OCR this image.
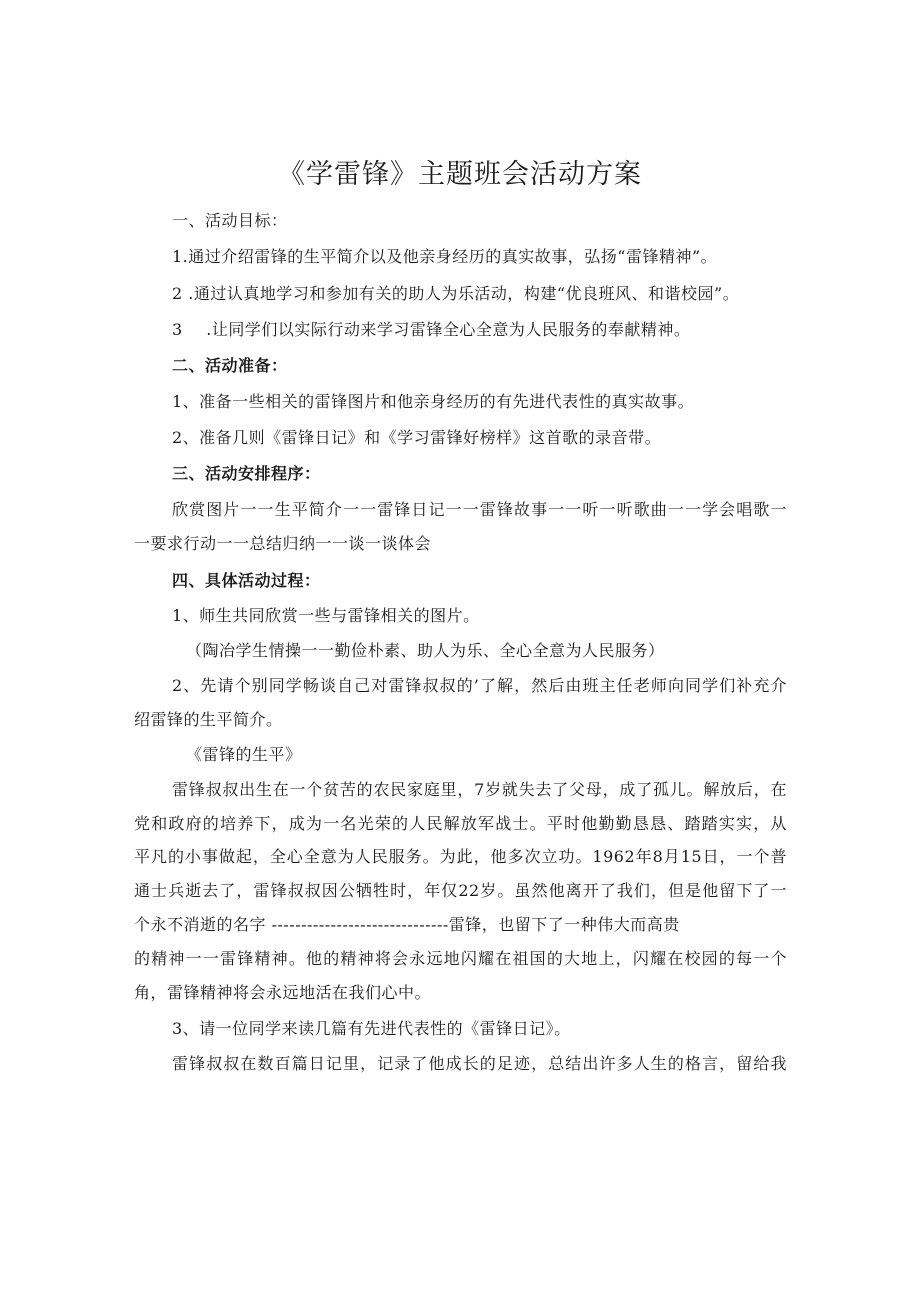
《学雷锋》主题班会活动方案
一、活动目标：
1.通过介绍雷锋的生平简介以及他亲身经历的真实故事，弘扬“雷锋精神”。
2 .通过认真地学习和参加有关的助人为乐活动，构建“优良班风、和谐校园”。
3 .让同学们以实际行动来学习雷锋全心全意为人民服务的奉献精神。
二、活动准备：
1、准备一些相关的雷锋图片和他亲身经历的有先进代表性的真实故事。
2、准备几则《雷锋日记》和《学习雷锋好榜样》这首歌的录音带。
三、活动安排程序：
欣赏图片一一生平简介一一雷锋日记一一雷锋故事一一听一听歌曲一一学会唱歌一
一要求行动一一总结归纳一一谈一谈体会
四、具体活动过程：
1、师生共同欣赏一些与雷锋相关的图片。
（陶冶学生情操一一勤俭朴素、助人为乐、全心全意为人民服务）
2、先请个别同学畅谈自己对雷锋叔叔的’了解，然后由班主任老师向同学们补充介
绍雷锋的生平简介。
《雷锋的生平》
雷锋叔叔出生在一个贫苦的农民家庭里，7岁就失去了父母，成了孤儿。解放后，在
党和政府的培养下，成为一名光荣的人民解放军战士。平时他勤勤恳恳、踏踏实实，从
平凡的小事做起，全心全意为人民服务。为此，他多次立功。1962年8月15日，一个普
通士兵逝去了，雷锋叔叔因公牺牲时，年仅22岁。虽然他离开了我们，但是他留下了一
个永不消逝的名字 ------------------------------雷锋，也留下了一种伟大而高贵
的精神一一雷锋精神。他的精神将会永远地闪耀在祖国的大地上，闪耀在校园的每一个
角，雷锋精神将会永远地活在我们心中。
3、请一位同学来读几篇有先进代表性的《雷锋日记》。
雷锋叔叔在数百篇日记里，记录了他成长的足迹，总结出许多人生的格言，留给我
